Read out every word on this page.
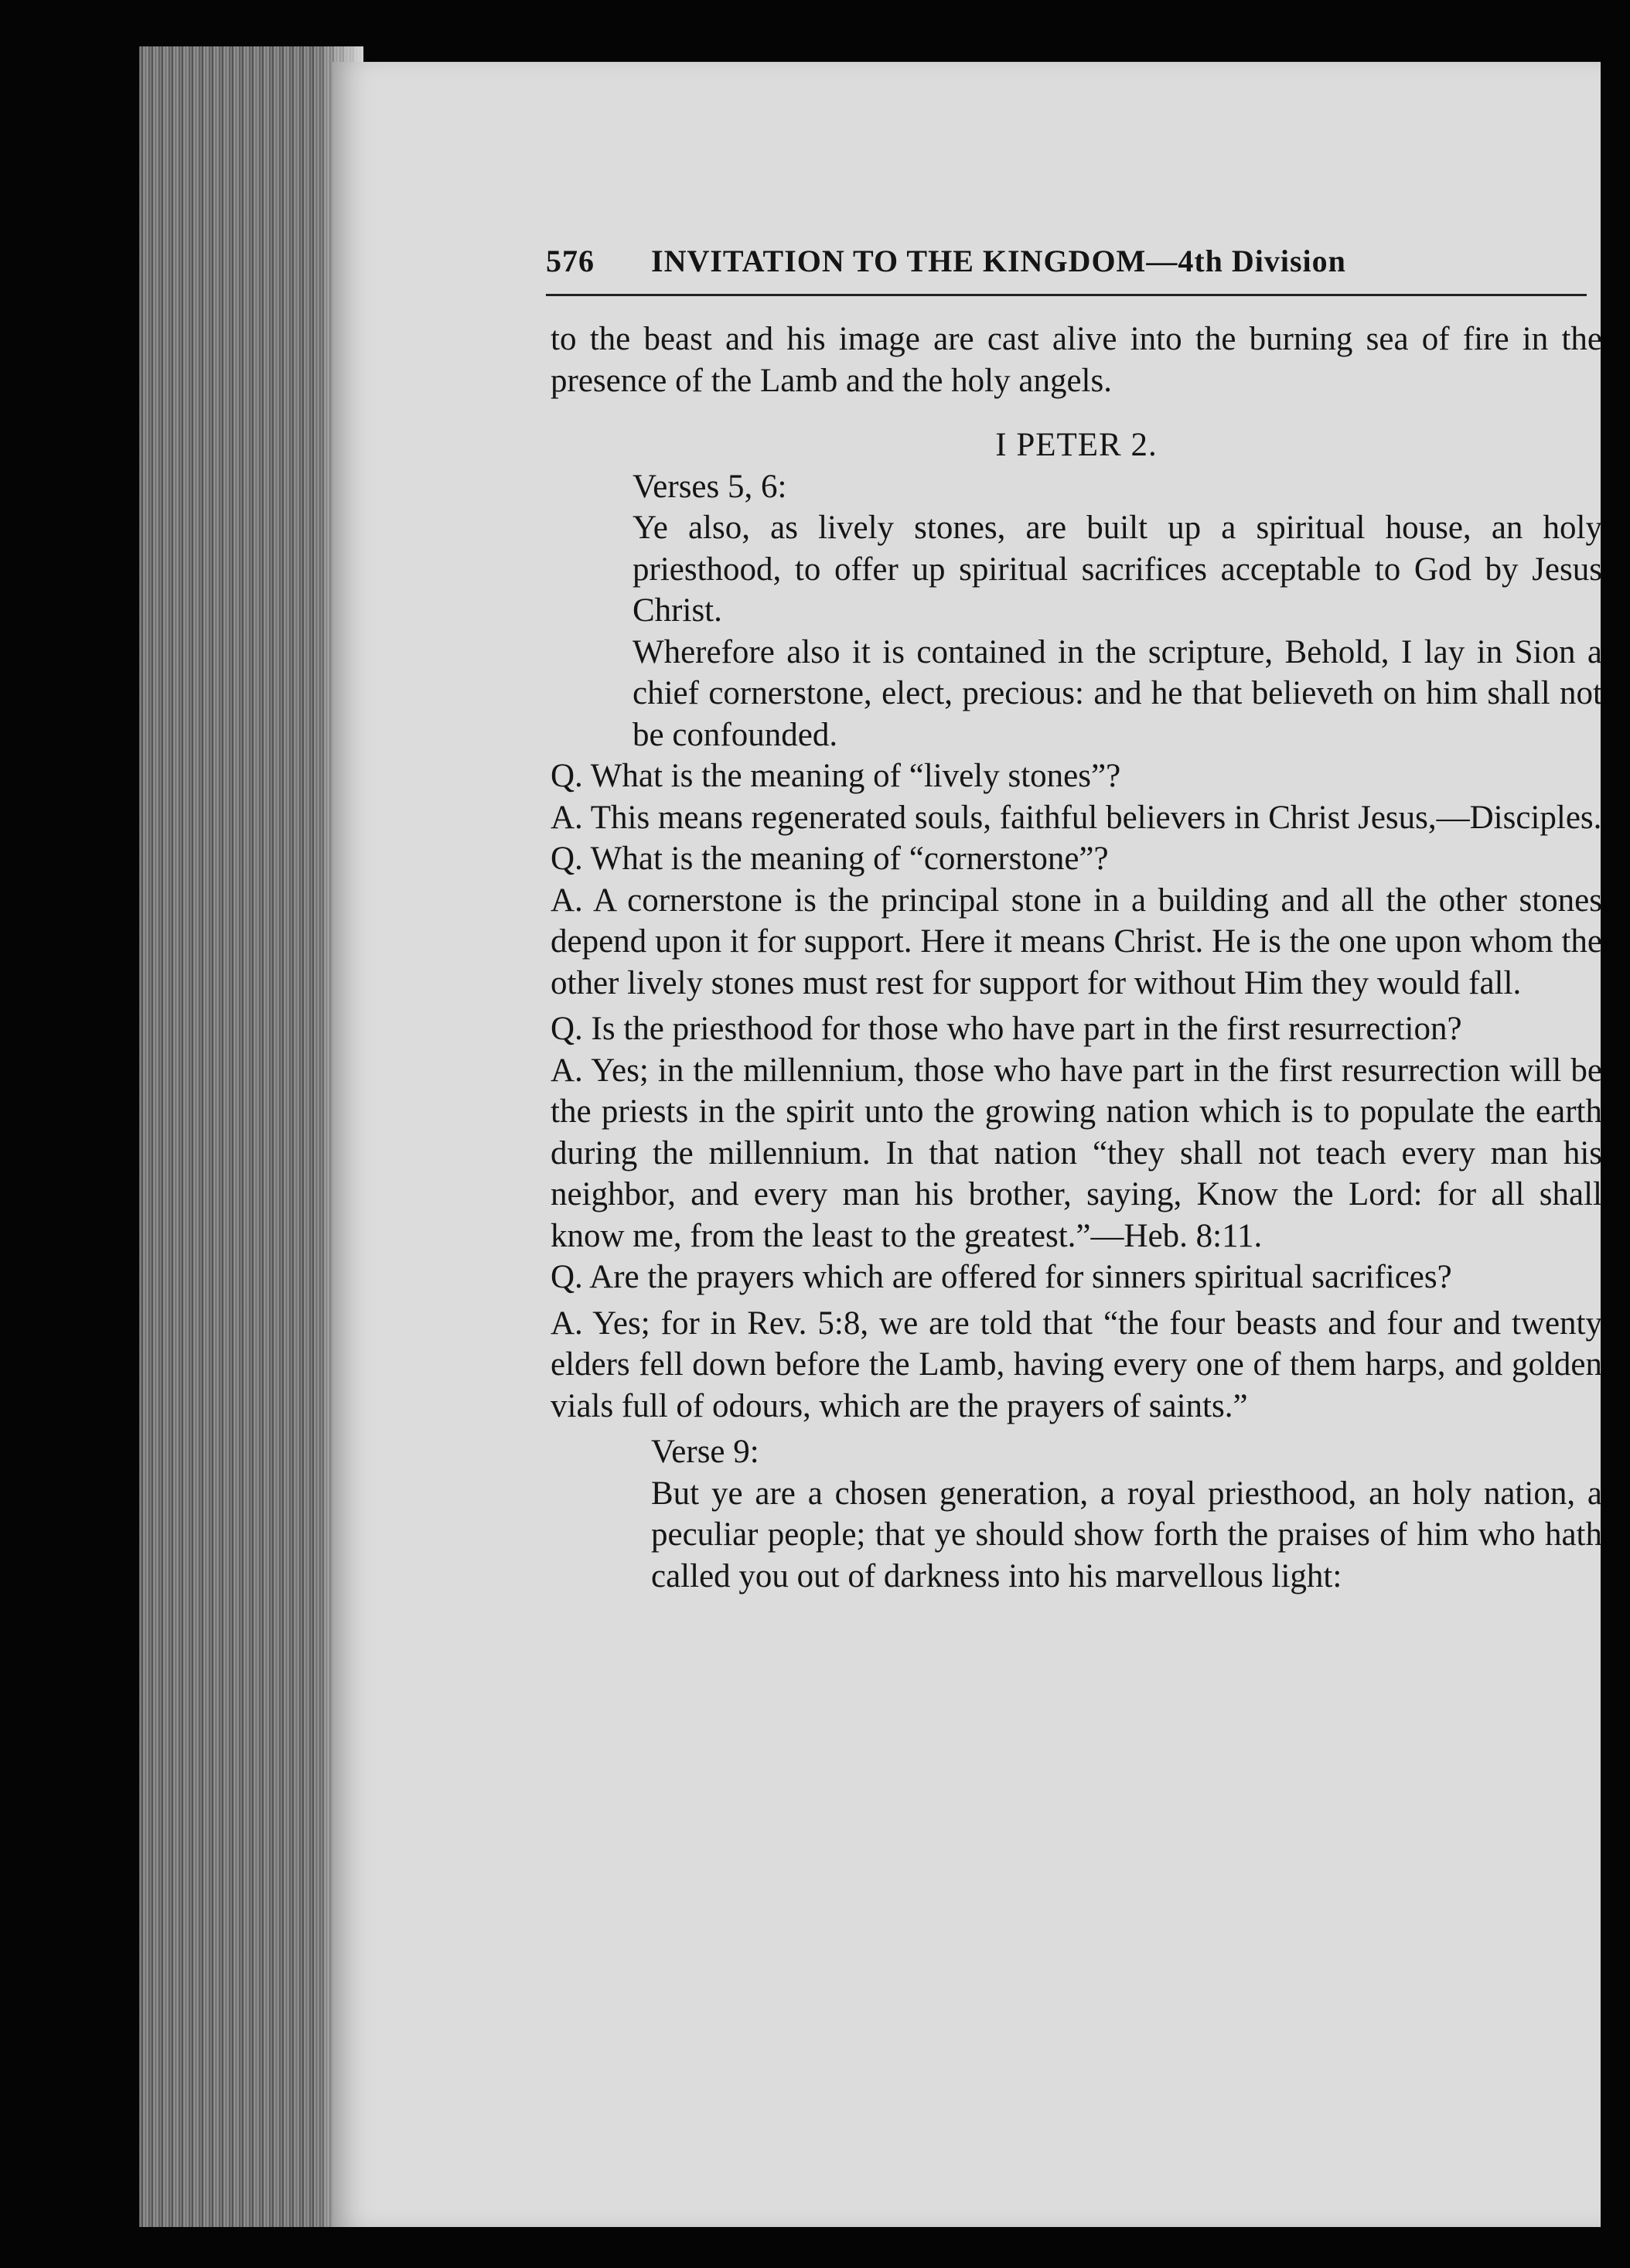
576 INVITATION TO THE KINGDOM—4th Division

to the beast and his image are cast alive into the burning sea of fire in the presence of the Lamb and the holy angels.

I PETER 2.

Verses 5, 6:

Ye also, as lively stones, are built up a spiritual house, an holy priesthood, to offer up spiritual sacrifices acceptable to God by Jesus Christ.

Wherefore also it is contained in the scripture, Behold, I lay in Sion a chief cornerstone, elect, precious: and he that believeth on him shall not be confounded.

Q. What is the meaning of “lively stones”?

A. This means regenerated souls, faithful believers in Christ Jesus,—Disciples.

Q. What is the meaning of “cornerstone”?

A. A cornerstone is the principal stone in a building and all the other stones depend upon it for support. Here it means Christ. He is the one upon whom the other lively stones must rest for support for without Him they would fall.

Q. Is the priesthood for those who have part in the first resurrection?

A. Yes; in the millennium, those who have part in the first resurrection will be the priests in the spirit unto the growing nation which is to populate the earth during the millennium. In that nation “they shall not teach every man his neighbor, and every man his brother, saying, Know the Lord: for all shall know me, from the least to the greatest.”—Heb. 8:11.

Q. Are the prayers which are offered for sinners spiritual sacrifices?

A. Yes; for in Rev. 5:8, we are told that “the four beasts and four and twenty elders fell down before the Lamb, having every one of them harps, and golden vials full of odours, which are the prayers of saints.”

Verse 9:

But ye are a chosen generation, a royal priesthood, an holy nation, a peculiar people; that ye should show forth the praises of him who hath called you out of darkness into his marvellous light:
